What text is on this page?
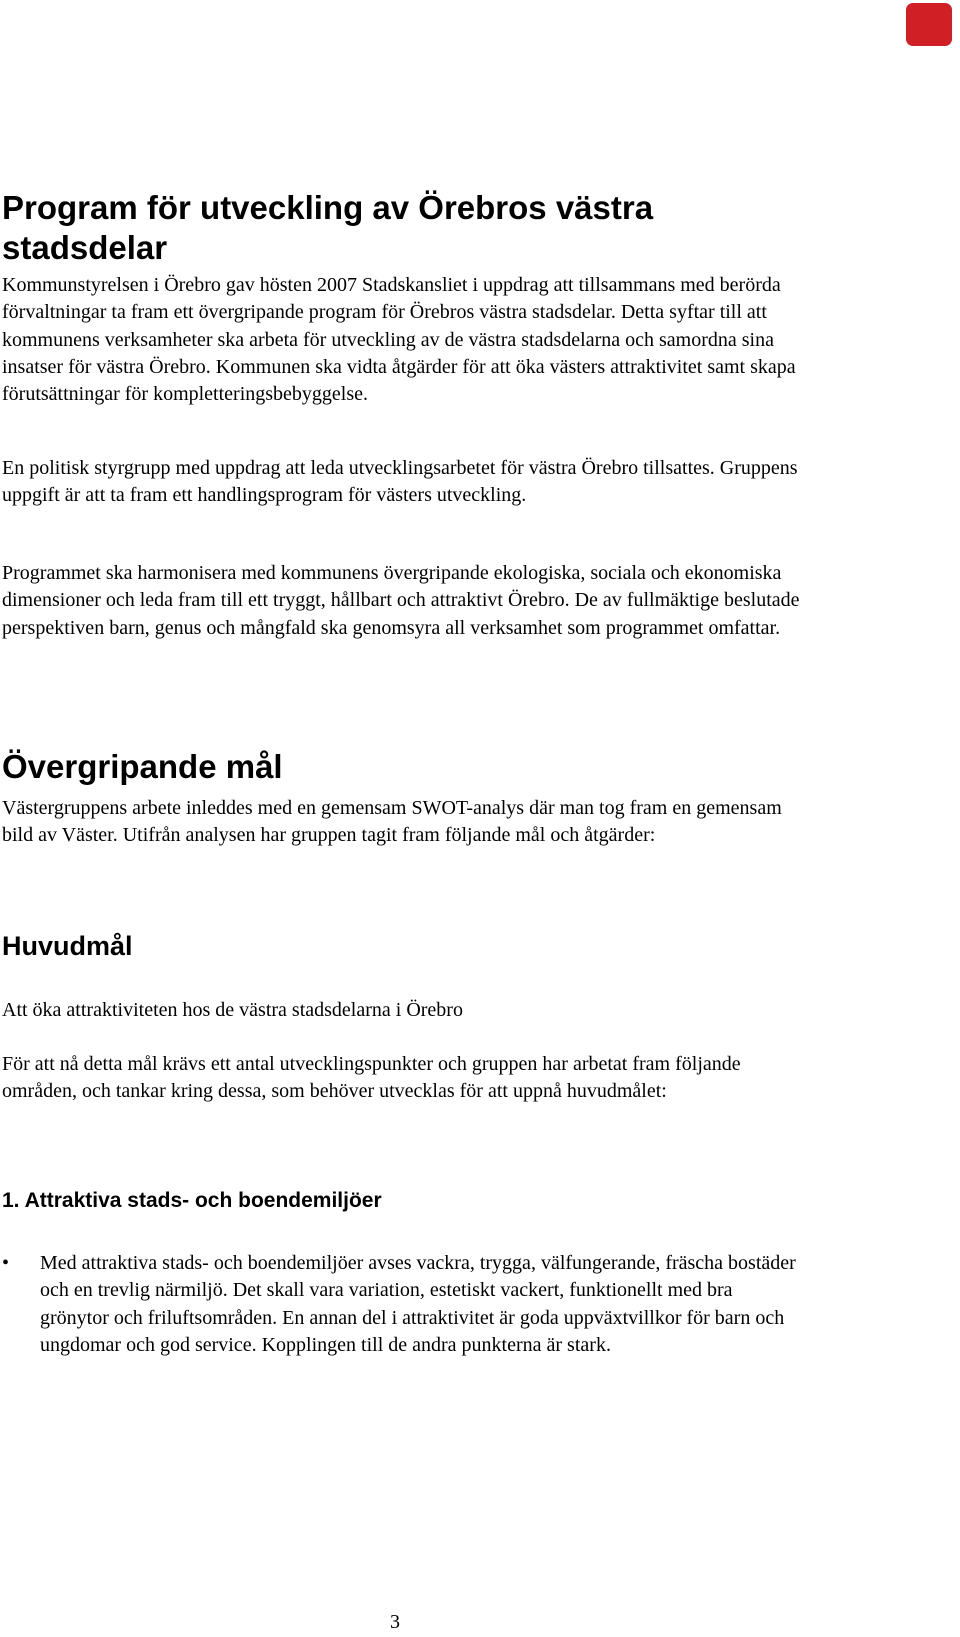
Program för utveckling av Örebros västra stadsdelar

Kommunstyrelsen i Örebro gav hösten 2007 Stadskansliet i uppdrag att tillsammans med berörda förvaltningar ta fram ett övergripande program för Örebros västra stadsdelar. Detta syftar till att kommunens verksamheter ska arbeta för utveckling av de västra stadsdelarna och samordna sina insatser för västra Örebro. Kommunen ska vidta åtgärder för att öka västers attraktivitet samt skapa förutsättningar för kompletteringsbebyggelse.

En politisk styrgrupp med uppdrag att leda utvecklingsarbetet för västra Örebro tillsattes. Gruppens uppgift är att ta fram ett handlingsprogram för västers utveckling.

Programmet ska harmonisera med kommunens övergripande ekologiska, sociala och ekonomiska dimensioner och leda fram till ett tryggt, hållbart och attraktivt Örebro. De av fullmäktige beslutade perspektiven barn, genus och mångfald ska genomsyra all verksamhet som programmet omfattar.

Övergripande mål

Västergruppens arbete inleddes med en gemensam SWOT-analys där man tog fram en gemensam bild av Väster. Utifrån analysen har gruppen tagit fram följande mål och åtgärder:

Huvudmål

Att öka attraktiviteten hos de västra stadsdelarna i Örebro

För att nå detta mål krävs ett antal utvecklingspunkter och gruppen har arbetat fram följande områden, och tankar kring dessa, som behöver utvecklas för att uppnå huvudmålet:

1. Attraktiva stads- och boendemiljöer
• Med attraktiva stads- och boendemiljöer avses vackra, trygga, välfungerande, fräscha bostäder och en trevlig närmiljö. Det skall vara variation, estetiskt vackert, funktionellt med bra grönytor och friluftsområden. En annan del i attraktivitet är goda uppväxtvillkor för barn och ungdomar och god service. Kopplingen till de andra punkterna är stark.
3
